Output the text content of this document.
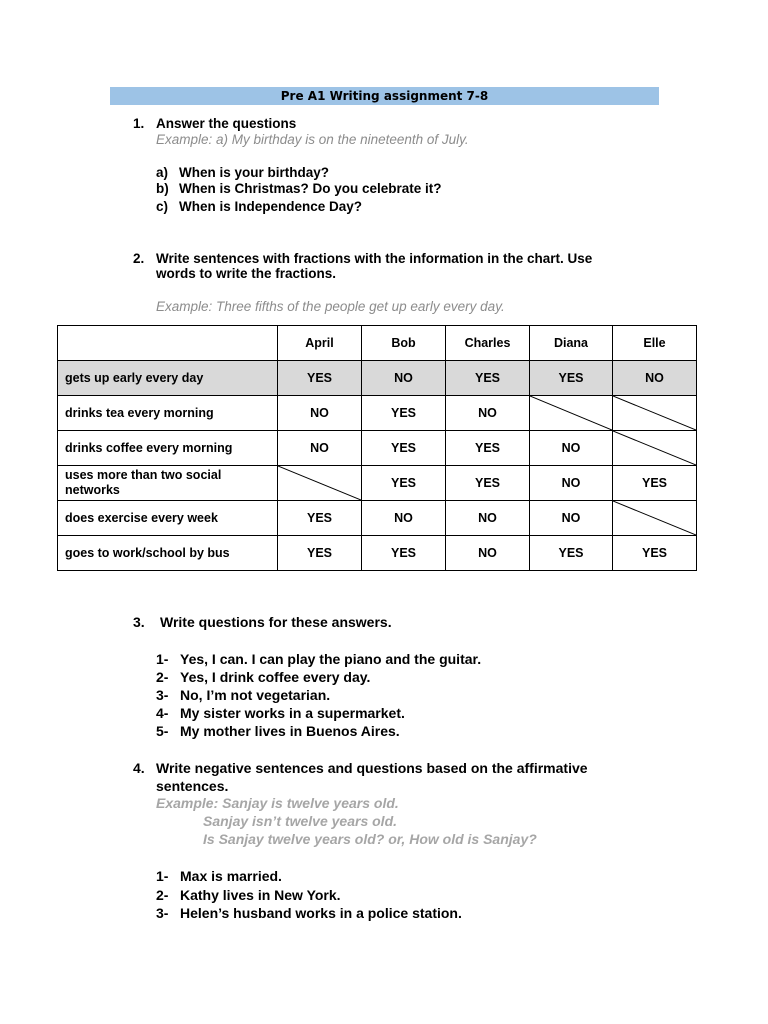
Pre A1 Writing assignment 7-8
1. Answer the questions
Example: a) My birthday is on the nineteenth of July.
a) When is your birthday?
b) When is Christmas? Do you celebrate it?
c) When is Independence Day?
2. Write sentences with fractions with the information in the chart. Use
words to write the fractions.
Example: Three fifths of the people get up early every day.
	April	Bob	Charles	Diana	Elle
gets up early every day	YES	NO	YES	YES	NO
drinks tea every morning	NO	YES	NO	

drinks coffee every morning	NO	YES	YES	NO	

uses more than two social networks		YES	YES	NO	YES
does exercise every week	YES	NO	NO	NO	

goes to work/school by bus	YES	YES	NO	YES	YES
3. Write questions for these answers.
1- Yes, I can. I can play the piano and the guitar.
2- Yes, I drink coffee every day.
3- No, I’m not vegetarian.
4- My sister works in a supermarket.
5- My mother lives in Buenos Aires.
4. Write negative sentences and questions based on the affirmative
sentences.
Example: Sanjay is twelve years old.
Sanjay isn’t twelve years old.
Is Sanjay twelve years old? or, How old is Sanjay?
1- Max is married.
2- Kathy lives in New York.
3- Helen’s husband works in a police station.
